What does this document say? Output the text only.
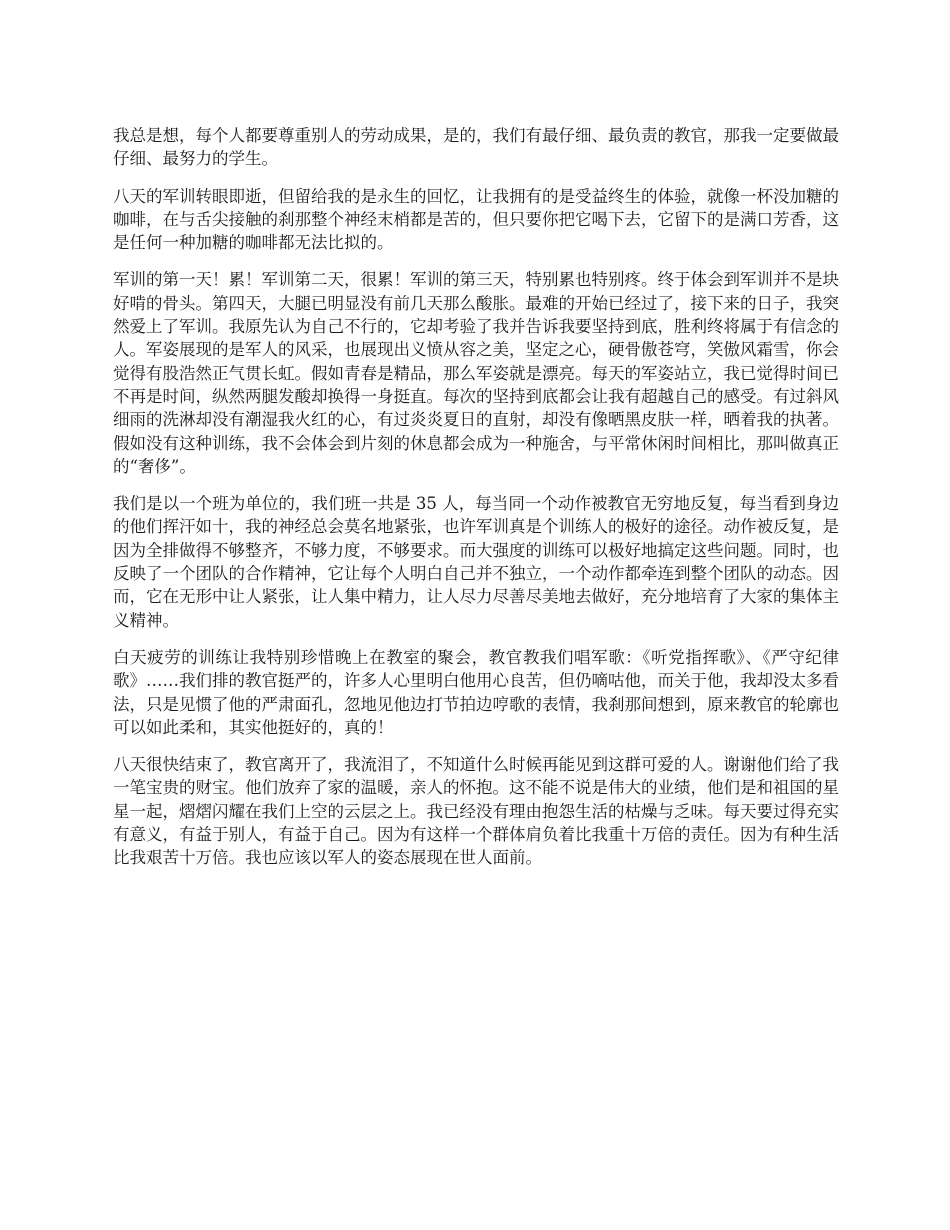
我总是想，每个人都要尊重别人的劳动成果，是的，我们有最仔细、最负责的教官，那我一定要做最仔细、最努力的学生。

八天的军训转眼即逝，但留给我的是永生的回忆，让我拥有的是受益终生的体验，就像一杯没加糖的咖啡，在与舌尖接触的刹那整个神经末梢都是苦的，但只要你把它喝下去，它留下的是满口芳香，这是任何一种加糖的咖啡都无法比拟的。

军训的第一天！累！军训第二天，很累！军训的第三天，特别累也特别疼。终于体会到军训并不是块好啃的骨头。第四天，大腿已明显没有前几天那么酸胀。最难的开始已经过了，接下来的日子，我突然爱上了军训。我原先认为自己不行的，它却考验了我并告诉我要坚持到底，胜利终将属于有信念的人。军姿展现的是军人的风采，也展现出义愤从容之美，坚定之心，硬骨傲苍穹，笑傲风霜雪，你会觉得有股浩然正气贯长虹。假如青春是精品，那么军姿就是漂亮。每天的军姿站立，我已觉得时间已不再是时间，纵然两腿发酸却换得一身挺直。每次的坚持到底都会让我有超越自己的感受。有过斜风细雨的洗淋却没有潮湿我火红的心，有过炎炎夏日的直射，却没有像晒黑皮肤一样，晒着我的执著。假如没有这种训练，我不会体会到片刻的休息都会成为一种施舍，与平常休闲时间相比，那叫做真正的“奢侈”。

我们是以一个班为单位的，我们班一共是 35 人，每当同一个动作被教官无穷地反复，每当看到身边的他们挥汗如十，我的神经总会莫名地紧张，也许军训真是个训练人的极好的途径。动作被反复，是因为全排做得不够整齐，不够力度，不够要求。而大强度的训练可以极好地搞定这些问题。同时，也反映了一个团队的合作精神，它让每个人明白自己并不独立，一个动作都牵连到整个团队的动态。因而，它在无形中让人紧张，让人集中精力，让人尽力尽善尽美地去做好，充分地培育了大家的集体主义精神。

白天疲劳的训练让我特别珍惜晚上在教室的聚会，教官教我们唱军歌：《听党指挥歌》、《严守纪律歌》……我们排的教官挺严的，许多人心里明白他用心良苦，但仍嘀咕他，而关于他，我却没太多看法，只是见惯了他的严肃面孔，忽地见他边打节拍边哼歌的表情，我刹那间想到，原来教官的轮廓也可以如此柔和，其实他挺好的，真的！

八天很快结束了，教官离开了，我流泪了，不知道什么时候再能见到这群可爱的人。谢谢他们给了我一笔宝贵的财宝。他们放弃了家的温暖，亲人的怀抱。这不能不说是伟大的业绩，他们是和祖国的星星一起，熠熠闪耀在我们上空的云层之上。我已经没有理由抱怨生活的枯燥与乏味。每天要过得充实有意义，有益于别人，有益于自己。因为有这样一个群体肩负着比我重十万倍的责任。因为有种生活比我艰苦十万倍。我也应该以军人的姿态展现在世人面前。
